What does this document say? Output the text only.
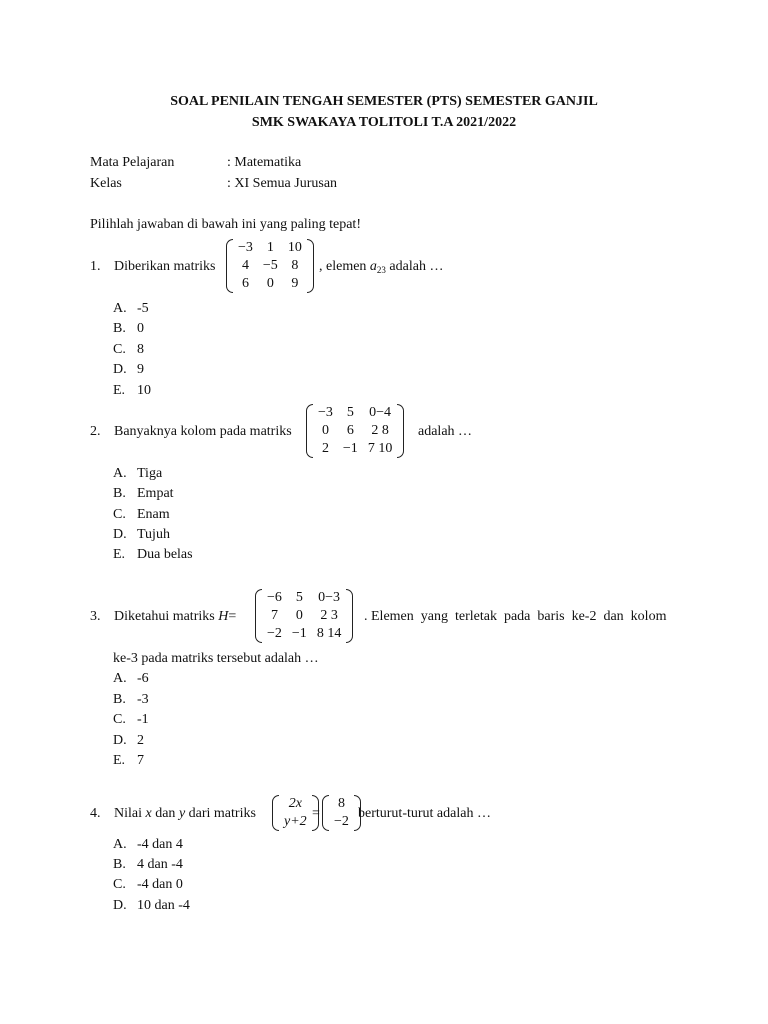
SOAL PENILAIN TENGAH SEMESTER (PTS) SEMESTER GANJIL
SMK SWAKAYA TOLITOLI T.A 2021/2022
Mata Pelajaran	: Matematika
Kelas	: XI Semua Jurusan
Pilihlah jawaban di bawah ini yang paling tepat!
1. Diberikan matriks
−3	1	10
4	−5	8
6	0	9
, elemen $a_{23}$ adalah …
A. -5
B. 0
C. 8
D. 9
E. 10
2. Banyaknya kolom pada matriks
−3	5	0−4
0	6	2 8
2	−1	7 10
adalah …
A. Tiga
B. Empat
C. Enam
D. Tujuh
E. Dua belas
3. Diketahui matriks H=
−6	5	0−3
7	0	2 3
−2	−1	8 14
. Elemen  yang  terletak  pada  baris  ke-2  dan  kolom
ke-3 pada matriks tersebut adalah …
A. -6
B. -3
C. -1
D. 2
E. 7
4. Nilai x dan y dari matriks
2x
y+2
=
8
−2
berturut-turut adalah …
A. -4 dan 4
B. 4 dan -4
C. -4 dan 0
D. 10 dan -4
